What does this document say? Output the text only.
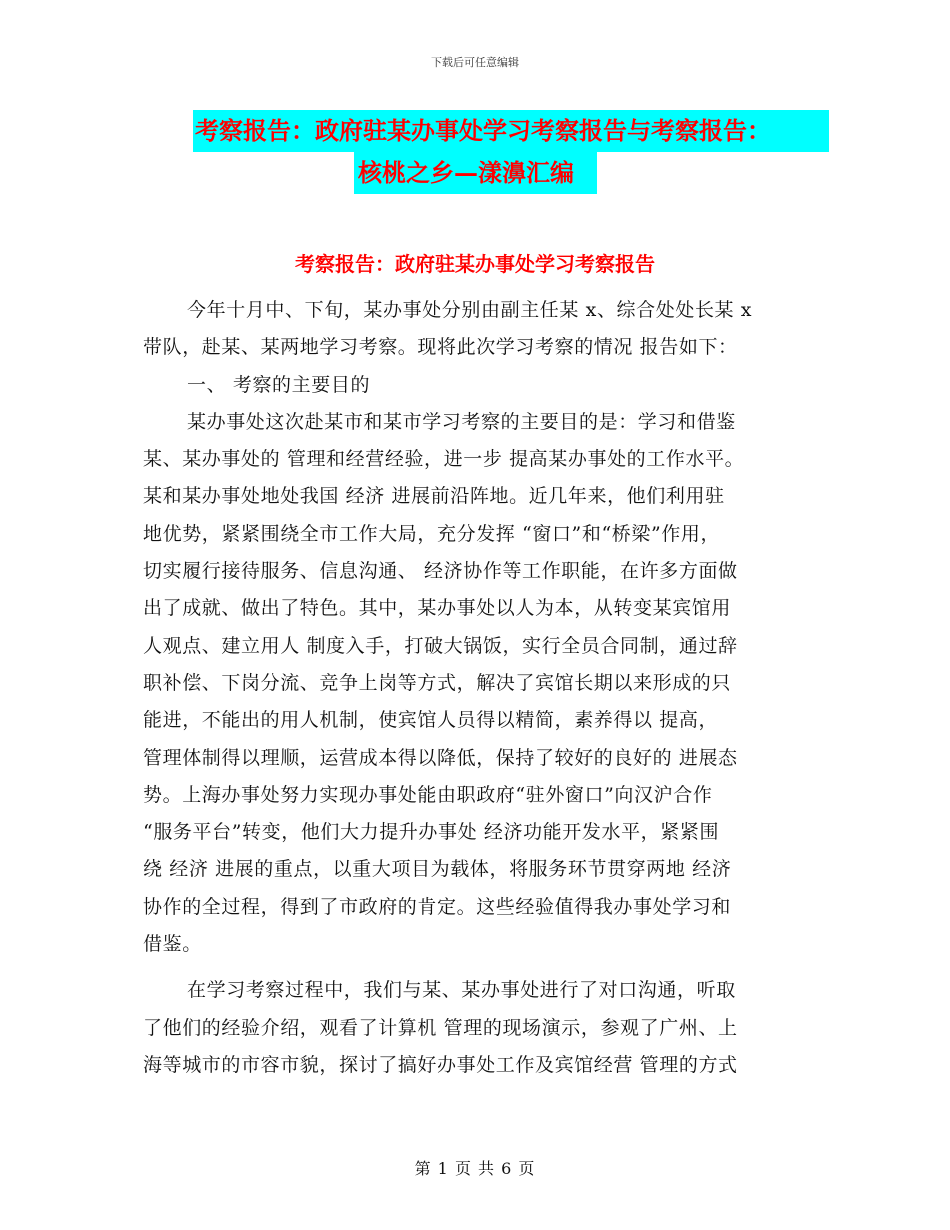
下载后可任意编辑
考察报告：政府驻某办事处学习考察报告与考察报告：
核桃之乡—漾濞汇编
考察报告：政府驻某办事处学习考察报告
今年十月中、下旬，某办事处分别由副主任某 x、综合处处长某 x
带队，赴某、某两地学习考察。现将此次学习考察的情况 报告如下：
一、 考察的主要目的
某办事处这次赴某市和某市学习考察的主要目的是：学习和借鉴
某、某办事处的 管理和经营经验，进一步 提高某办事处的工作水平。
某和某办事处地处我国 经济 进展前沿阵地。近几年来，他们利用驻
地优势，紧紧围绕全市工作大局，充分发挥 “窗口”和“桥梁”作用，
切实履行接待服务、信息沟通、 经济协作等工作职能，在许多方面做
出了成就、做出了特色。其中，某办事处以人为本，从转变某宾馆用
人观点、建立用人 制度入手，打破大锅饭，实行全员合同制，通过辞
职补偿、下岗分流、竞争上岗等方式，解决了宾馆长期以来形成的只
能进，不能出的用人机制，使宾馆人员得以精简，素养得以 提高，
管理体制得以理顺，运营成本得以降低，保持了较好的良好的 进展态
势。上海办事处努力实现办事处能由职政府“驻外窗口”向汉沪合作
“服务平台”转变，他们大力提升办事处 经济功能开发水平，紧紧围
绕 经济 进展的重点，以重大项目为载体，将服务环节贯穿两地 经济
协作的全过程，得到了市政府的肯定。这些经验值得我办事处学习和
借鉴。
在学习考察过程中，我们与某、某办事处进行了对口沟通，听取
了他们的经验介绍，观看了计算机 管理的现场演示，参观了广州、上
海等城市的市容市貌，探讨了搞好办事处工作及宾馆经营 管理的方式
第 1 页 共 6 页
